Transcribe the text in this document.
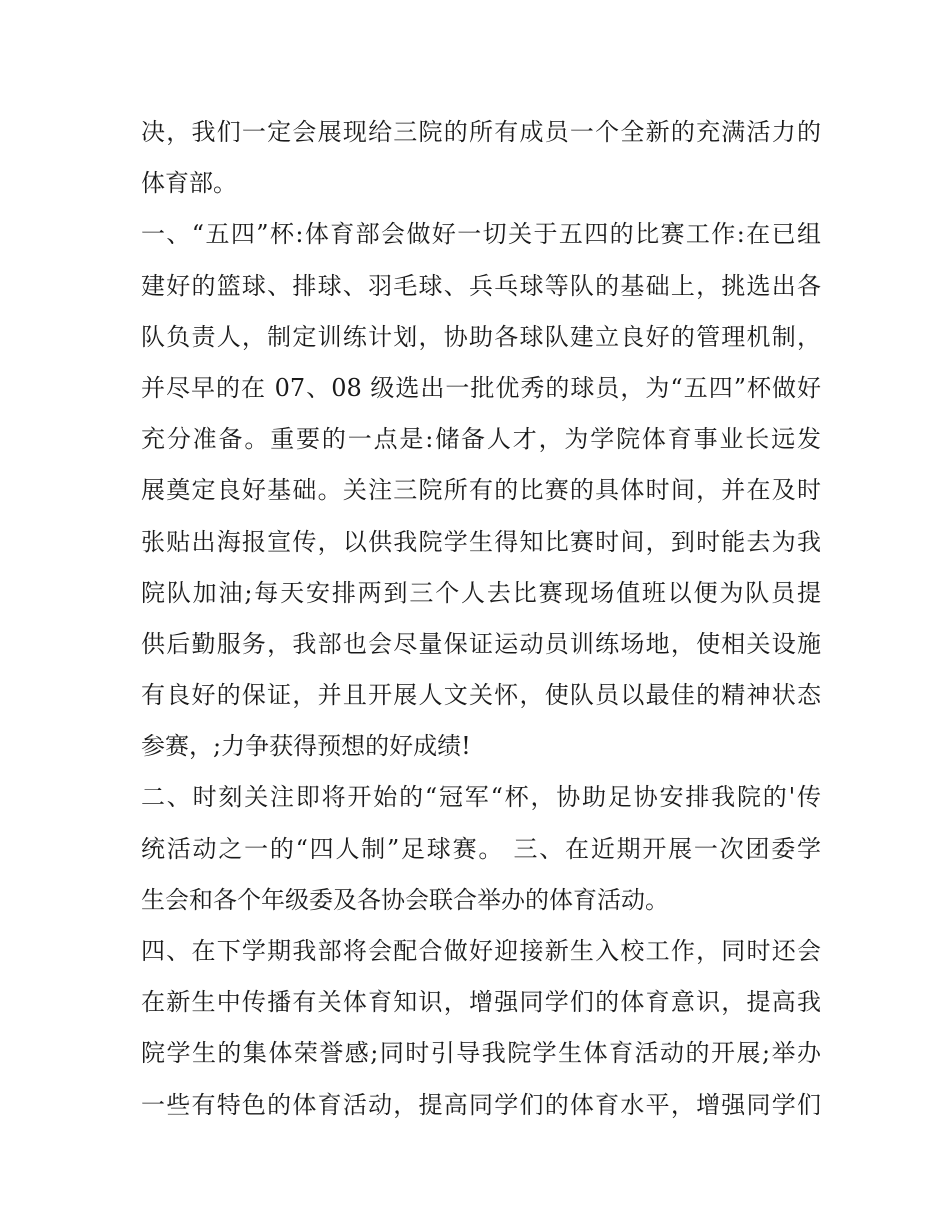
决，我们一定会展现给三院的所有成员一个全新的充满活力的
体育部。
一、“五四”杯:体育部会做好一切关于五四的比赛工作:在已组
建好的篮球、排球、羽毛球、兵乓球等队的基础上，挑选出各
队负责人，制定训练计划，协助各球队建立良好的管理机制，
并尽早的在 07、08 级选出一批优秀的球员，为“五四”杯做好
充分准备。重要的一点是:储备人才，为学院体育事业长远发
展奠定良好基础。关注三院所有的比赛的具体时间，并在及时
张贴出海报宣传，以供我院学生得知比赛时间，到时能去为我
院队加油;每天安排两到三个人去比赛现场值班以便为队员提
供后勤服务，我部也会尽量保证运动员训练场地，使相关设施
有良好的保证，并且开展人文关怀，使队员以最佳的精神状态
参赛，;力争获得预想的好成绩!
二、时刻关注即将开始的“冠军“杯，协助足协安排我院的'传
统活动之一的“四人制”足球赛。 三、在近期开展一次团委学
生会和各个年级委及各协会联合举办的体育活动。
四、在下学期我部将会配合做好迎接新生入校工作，同时还会
在新生中传播有关体育知识，增强同学们的体育意识，提高我
院学生的集体荣誉感;同时引导我院学生体育活动的开展;举办
一些有特色的体育活动，提高同学们的体育水平，增强同学们
